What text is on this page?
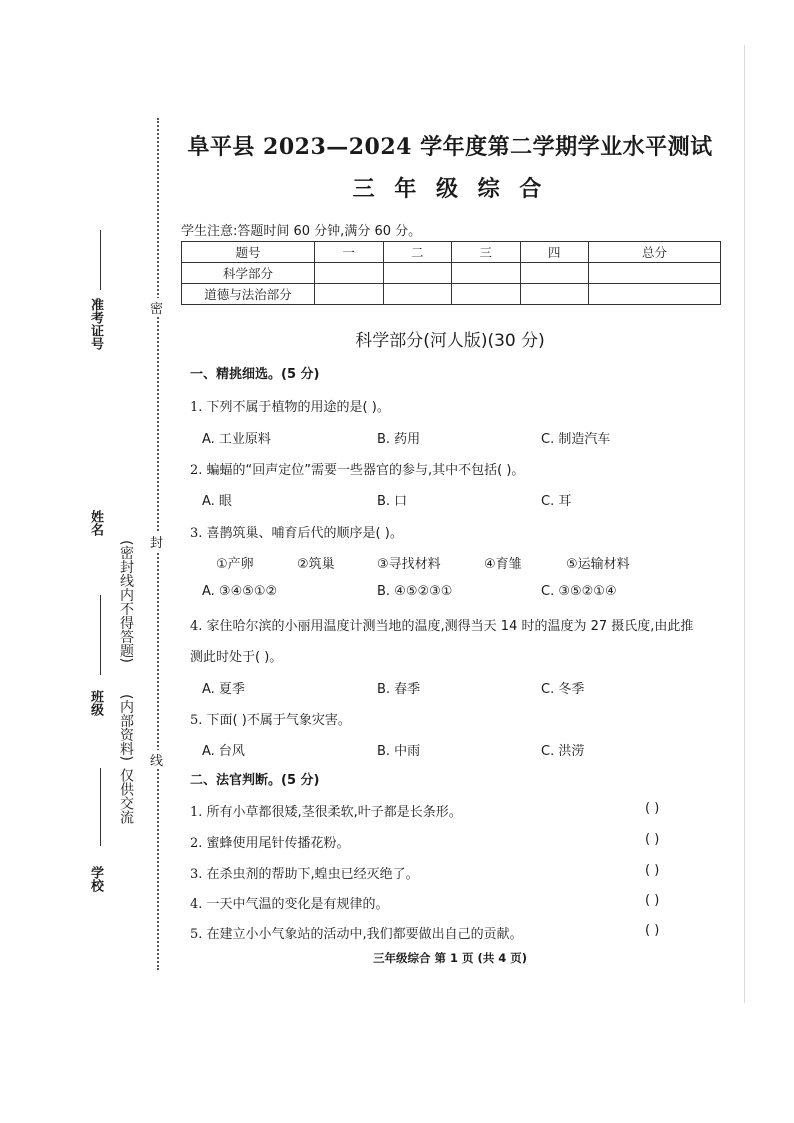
密
封
线
准考证号
姓名
班级
学校
(密封线内不得答题)
(内部资料)
仅供交流
阜平县 2023—2024 学年度第二学期学业水平测试
三 年 级 综 合
学生注意:答题时间 60 分钟,满分 60 分。
题号	一	二	三	四	总分
科学部分					
道德与法治部分					
科学部分(河人版)(30 分)
一、精挑细选。(5 分)
1. 下列不属于植物的用途的是( )。
A. 工业原料	B. 药用	C. 制造汽车
2. 蝙蝠的“回声定位”需要一些器官的参与,其中不包括( )。
A. 眼	B. 口	C. 耳
3. 喜鹊筑巢、哺育后代的顺序是( )。
①产卵	②筑巢	③寻找材料	④育雏	⑤运输材料
A. ③④⑤①②	B. ④⑤②③①	C. ③⑤②①④
4. 家住哈尔滨的小丽用温度计测当地的温度,测得当天 14 时的温度为 27 摄氏度,由此推
测此时处于( )。
A. 夏季	B. 春季	C. 冬季
5. 下面( )不属于气象灾害。
A. 台风	B. 中雨	C. 洪涝
二、法官判断。(5 分)
1. 所有小草都很矮,茎很柔软,叶子都是长条形。	( )
2. 蜜蜂使用尾针传播花粉。	( )
3. 在杀虫剂的帮助下,蝗虫已经灭绝了。	( )
4. 一天中气温的变化是有规律的。	( )
5. 在建立小小气象站的活动中,我们都要做出自己的贡献。	( )
三年级综合 第 1 页 (共 4 页)
